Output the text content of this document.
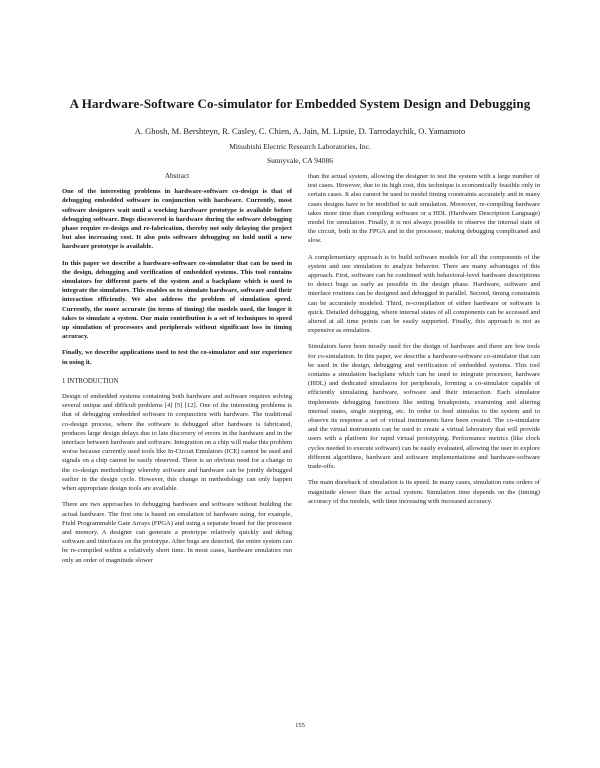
A Hardware-Software Co-simulator for Embedded System Design and Debugging
A. Ghosh, M. Bershteyn, R. Casley, C. Chien, A. Jain, M. Lipsie, D. Tarrodaychik, O. Yamamoto
Mitsubishi Electric Research Laboratories, Inc.
Sunnyvale, CA 94086
Abstract

One of the interesting problems in hardware-software co-design is that of debugging embedded software in conjunction with hardware. Currently, most software designers wait until a working hardware prototype is available before debugging software. Bugs discovered in hardware during the software debugging phase require re-design and re-fabrication, thereby not only delaying the project but also increasing cost. It also puts software debugging on hold until a new hardware prototype is available.

In this paper we describe a hardware-software co-simulator that can be used in the design, debugging and verification of embedded systems. This tool contains simulators for different parts of the system and a backplane which is used to integrate the simulators. This enables us to simulate hardware, software and their interaction efficiently. We also address the problem of simulation speed. Currently, the more accurate (in terms of timing) the models used, the longer it takes to simulate a system. Our main contribution is a set of techniques to speed up simulation of processors and peripherals without significant loss in timing accuracy.

Finally, we describe applications used to test the co-simulator and our experience in using it.

1 INTRODUCTION

Design of embedded systems containing both hardware and software requires solving several unique and difficult problems [4] [5] [12]. One of the interesting problems is that of debugging embedded software in conjunction with hardware. The traditional co-design process, where the software is debugged after hardware is fabricated, produces large design delays due to late discovery of errors in the hardware and in the interface between hardware and software. Integration on a chip will make this problem worse because currently used tools like In-Circuit Emulators (ICE) cannot be used and signals on a chip cannot be easily observed. There is an obvious need for a change in the co-design methodology whereby software and hardware can be jointly debugged earlier in the design cycle. However, this change in methodology can only happen when appropriate design tools are available.

There are two approaches to debugging hardware and software without building the actual hardware. The first one is based on emulation of hardware using, for example, Field Programmable Gate Arrays (FPGA) and using a separate board for the processor and memory. A designer can generate a prototype relatively quickly and debug software and interfaces on the prototype. After bugs are detected, the entire system can be re-compiled within a relatively short time. In most cases, hardware emulators run only an order of magnitude slower

than the actual system, allowing the designer to test the system with a large number of test cases. However, due to its high cost, this technique is economically feasible only in certain cases. It also cannot be used to model timing constraints accurately and in many cases designs have to be modified to suit emulation. Moreover, re-compiling hardware takes more time than compiling software or a HDL (Hardware Description Language) model for simulation. Finally, it is not always possible to observe the internal state of the circuit, both in the FPGA and in the processor, making debugging complicated and slow.

A complementary approach is to build software models for all the components of the system and use simulation to analyze behavior. There are many advantages of this approach. First, software can be combined with behavioral-level hardware descriptions to detect bugs as early as possible in the design phase. Hardware, software and interface routines can be designed and debugged in parallel. Second, timing constraints can be accurately modeled. Third, re-compilation of either hardware or software is quick. Detailed debugging, where internal states of all components can be accessed and altered at all time points can be easily supported. Finally, this approach is not as expensive as emulation.

Simulators have been mostly used for the design of hardware and there are few tools for co-simulation. In this paper, we describe a hardware-software co-simulator that can be used in the design, debugging and verification of embedded systems. This tool contains a simulation backplane which can be used to integrate processor, hardware (HDL) and dedicated simulators for peripherals, forming a co-simulator capable of efficiently simulating hardware, software and their interaction. Each simulator implements debugging functions like setting breakpoints, examining and altering internal states, single stepping, etc. In order to feed stimulus to the system and to observe its response a set of virtual instruments have been created. The co-simulator and the virtual instruments can be used to create a virtual laboratory that will provide users with a platform for rapid virtual prototyping. Performance metrics (like clock cycles needed to execute software) can be easily evaluated, allowing the user to explore different algorithms, hardware and software implementations and hardware-software trade-offs.

The main drawback of simulation is its speed. In many cases, simulation runs orders of magnitude slower than the actual system. Simulation time depends on the (timing) accuracy of the models, with time increasing with increased accuracy.

155
